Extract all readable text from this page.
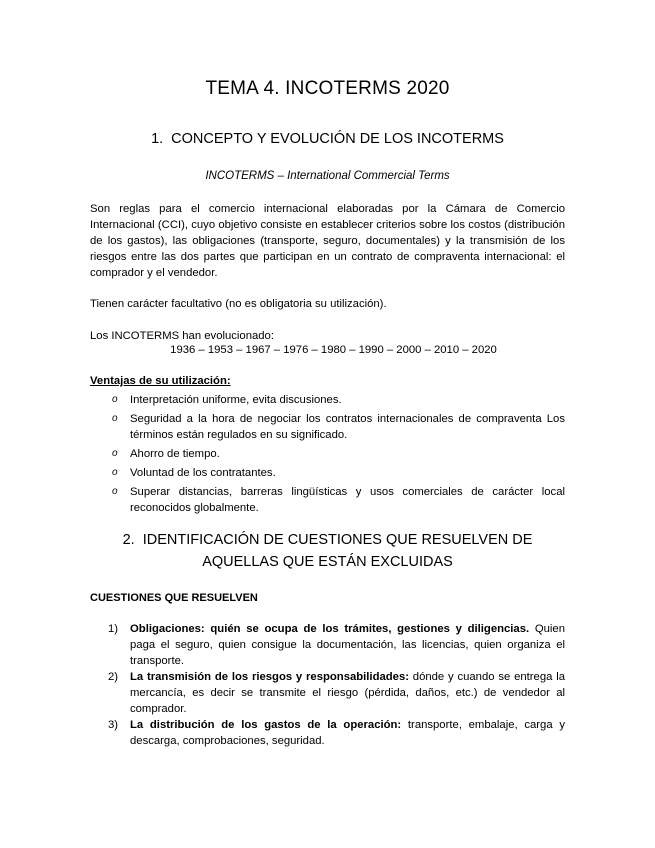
TEMA 4. INCOTERMS 2020
1. CONCEPTO Y EVOLUCIÓN DE LOS INCOTERMS
INCOTERMS – International Commercial Terms
Son reglas para el comercio internacional elaboradas por la Cámara de Comercio Internacional (CCI), cuyo objetivo consiste en establecer criterios sobre los costos (distribución de los gastos), las obligaciones (transporte, seguro, documentales) y la transmisión de los riesgos entre las dos partes que participan en un contrato de compraventa internacional: el comprador y el vendedor.
Tienen carácter facultativo (no es obligatoria su utilización).
Los INCOTERMS han evolucionado:
1936 – 1953 – 1967 – 1976 – 1980 – 1990 – 2000 – 2010 – 2020
Ventajas de su utilización:
o Interpretación uniforme, evita discusiones.
o Seguridad a la hora de negociar los contratos internacionales de compraventa Los términos están regulados en su significado.
o Ahorro de tiempo.
o Voluntad de los contratantes.
o Superar distancias, barreras lingüísticas y usos comerciales de carácter local reconocidos globalmente.
2. IDENTIFICACIÓN DE CUESTIONES QUE RESUELVEN DE
AQUELLAS QUE ESTÁN EXCLUIDAS
CUESTIONES QUE RESUELVEN
1) Obligaciones: quién se ocupa de los trámites, gestiones y diligencias. Quien paga el seguro, quien consigue la documentación, las licencias, quien organiza el transporte.
2) La transmisión de los riesgos y responsabilidades: dónde y cuando se entrega la mercancía, es decir se transmite el riesgo (pérdida, daños, etc.) de vendedor al comprador.
3) La distribución de los gastos de la operación: transporte, embalaje, carga y descarga, comprobaciones, seguridad.
